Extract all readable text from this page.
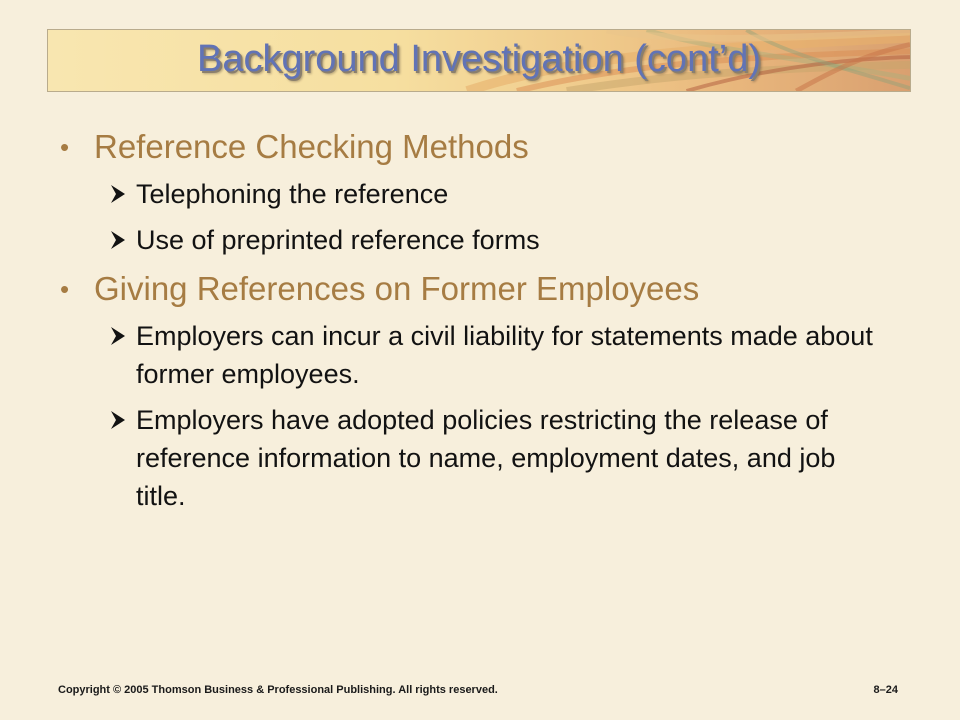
Background Investigation (cont’d)
• Reference Checking Methods
Telephoning the reference
Use of preprinted reference forms
• Giving References on Former Employees
Employers can incur a civil liability for statements made about former employees.
Employers have adopted policies restricting the release of reference information to name, employment dates, and job title.
Copyright © 2005 Thomson Business & Professional Publishing. All rights reserved.	8–24
